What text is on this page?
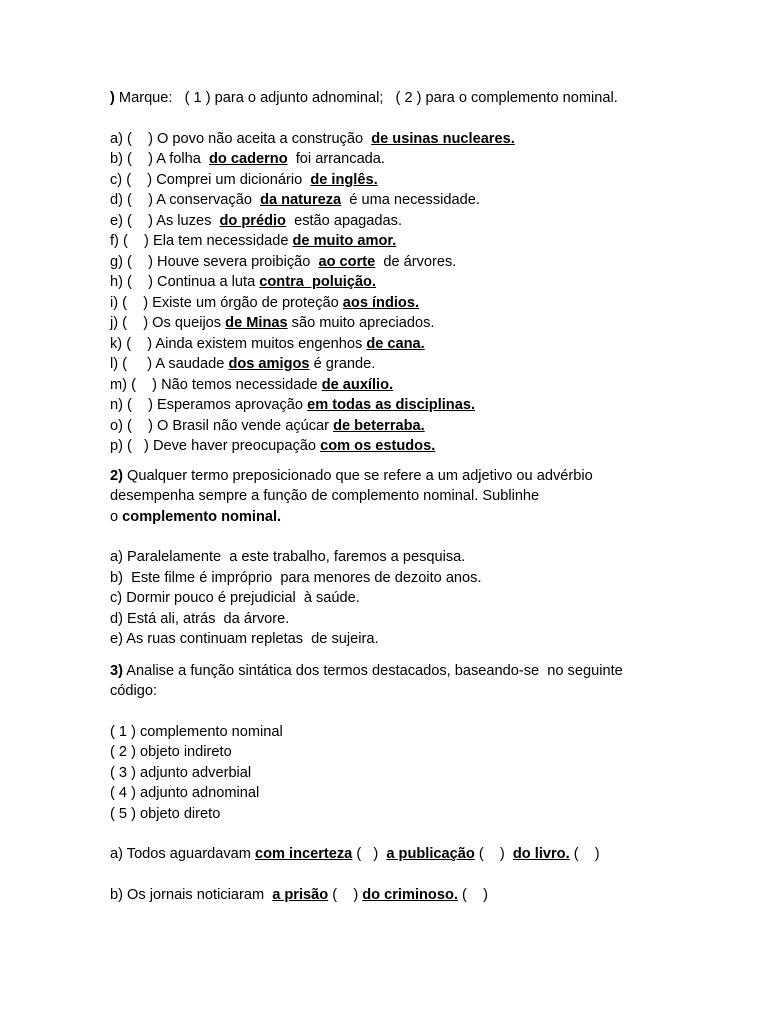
) Marque:   ( 1 ) para o adjunto adnominal;   ( 2 ) para o complemento nominal.
a) (    ) O povo não aceita a construção  de usinas nucleares.
b) (    ) A folha  do caderno  foi arrancada.
c) (    ) Comprei um dicionário  de inglês.
d) (    ) A conservação  da natureza  é uma necessidade.
e) (    ) As luzes  do prédio  estão apagadas.
f) (    ) Ela tem necessidade de muito amor.
g) (    ) Houve severa proibição  ao corte  de árvores.
h) (    ) Continua a luta contra  poluição.
i) (    ) Existe um órgão de proteção aos índios.
j) (    ) Os queijos de Minas são muito apreciados.
k) (    ) Ainda existem muitos engenhos de cana.
l) (     ) A saudade dos amigos é grande.
m) (    ) Não temos necessidade de auxílio.
n) (    ) Esperamos aprovação em todas as disciplinas.
o) (    ) O Brasil não vende açúcar de beterraba.
p) (   ) Deve haver preocupação com os estudos.
2) Qualquer termo preposicionado que se refere a um adjetivo ou advérbio
desempenha sempre a função de complemento nominal. Sublinhe
o complemento nominal.
a) Paralelamente  a este trabalho, faremos a pesquisa.
b)  Este filme é impróprio  para menores de dezoito anos.
c) Dormir pouco é prejudicial  à saúde.
d) Está ali, atrás  da árvore.
e) As ruas continuam repletas  de sujeira.
3) Analise a função sintática dos termos destacados, baseando-se  no seguinte
código:
( 1 ) complemento nominal
( 2 ) objeto indireto
( 3 ) adjunto adverbial
( 4 ) adjunto adnominal
( 5 ) objeto direto
a) Todos aguardavam com incerteza (   )  a publicação (    )  do livro. (    )
b) Os jornais noticiaram  a prisão (    ) do criminoso. (    )
